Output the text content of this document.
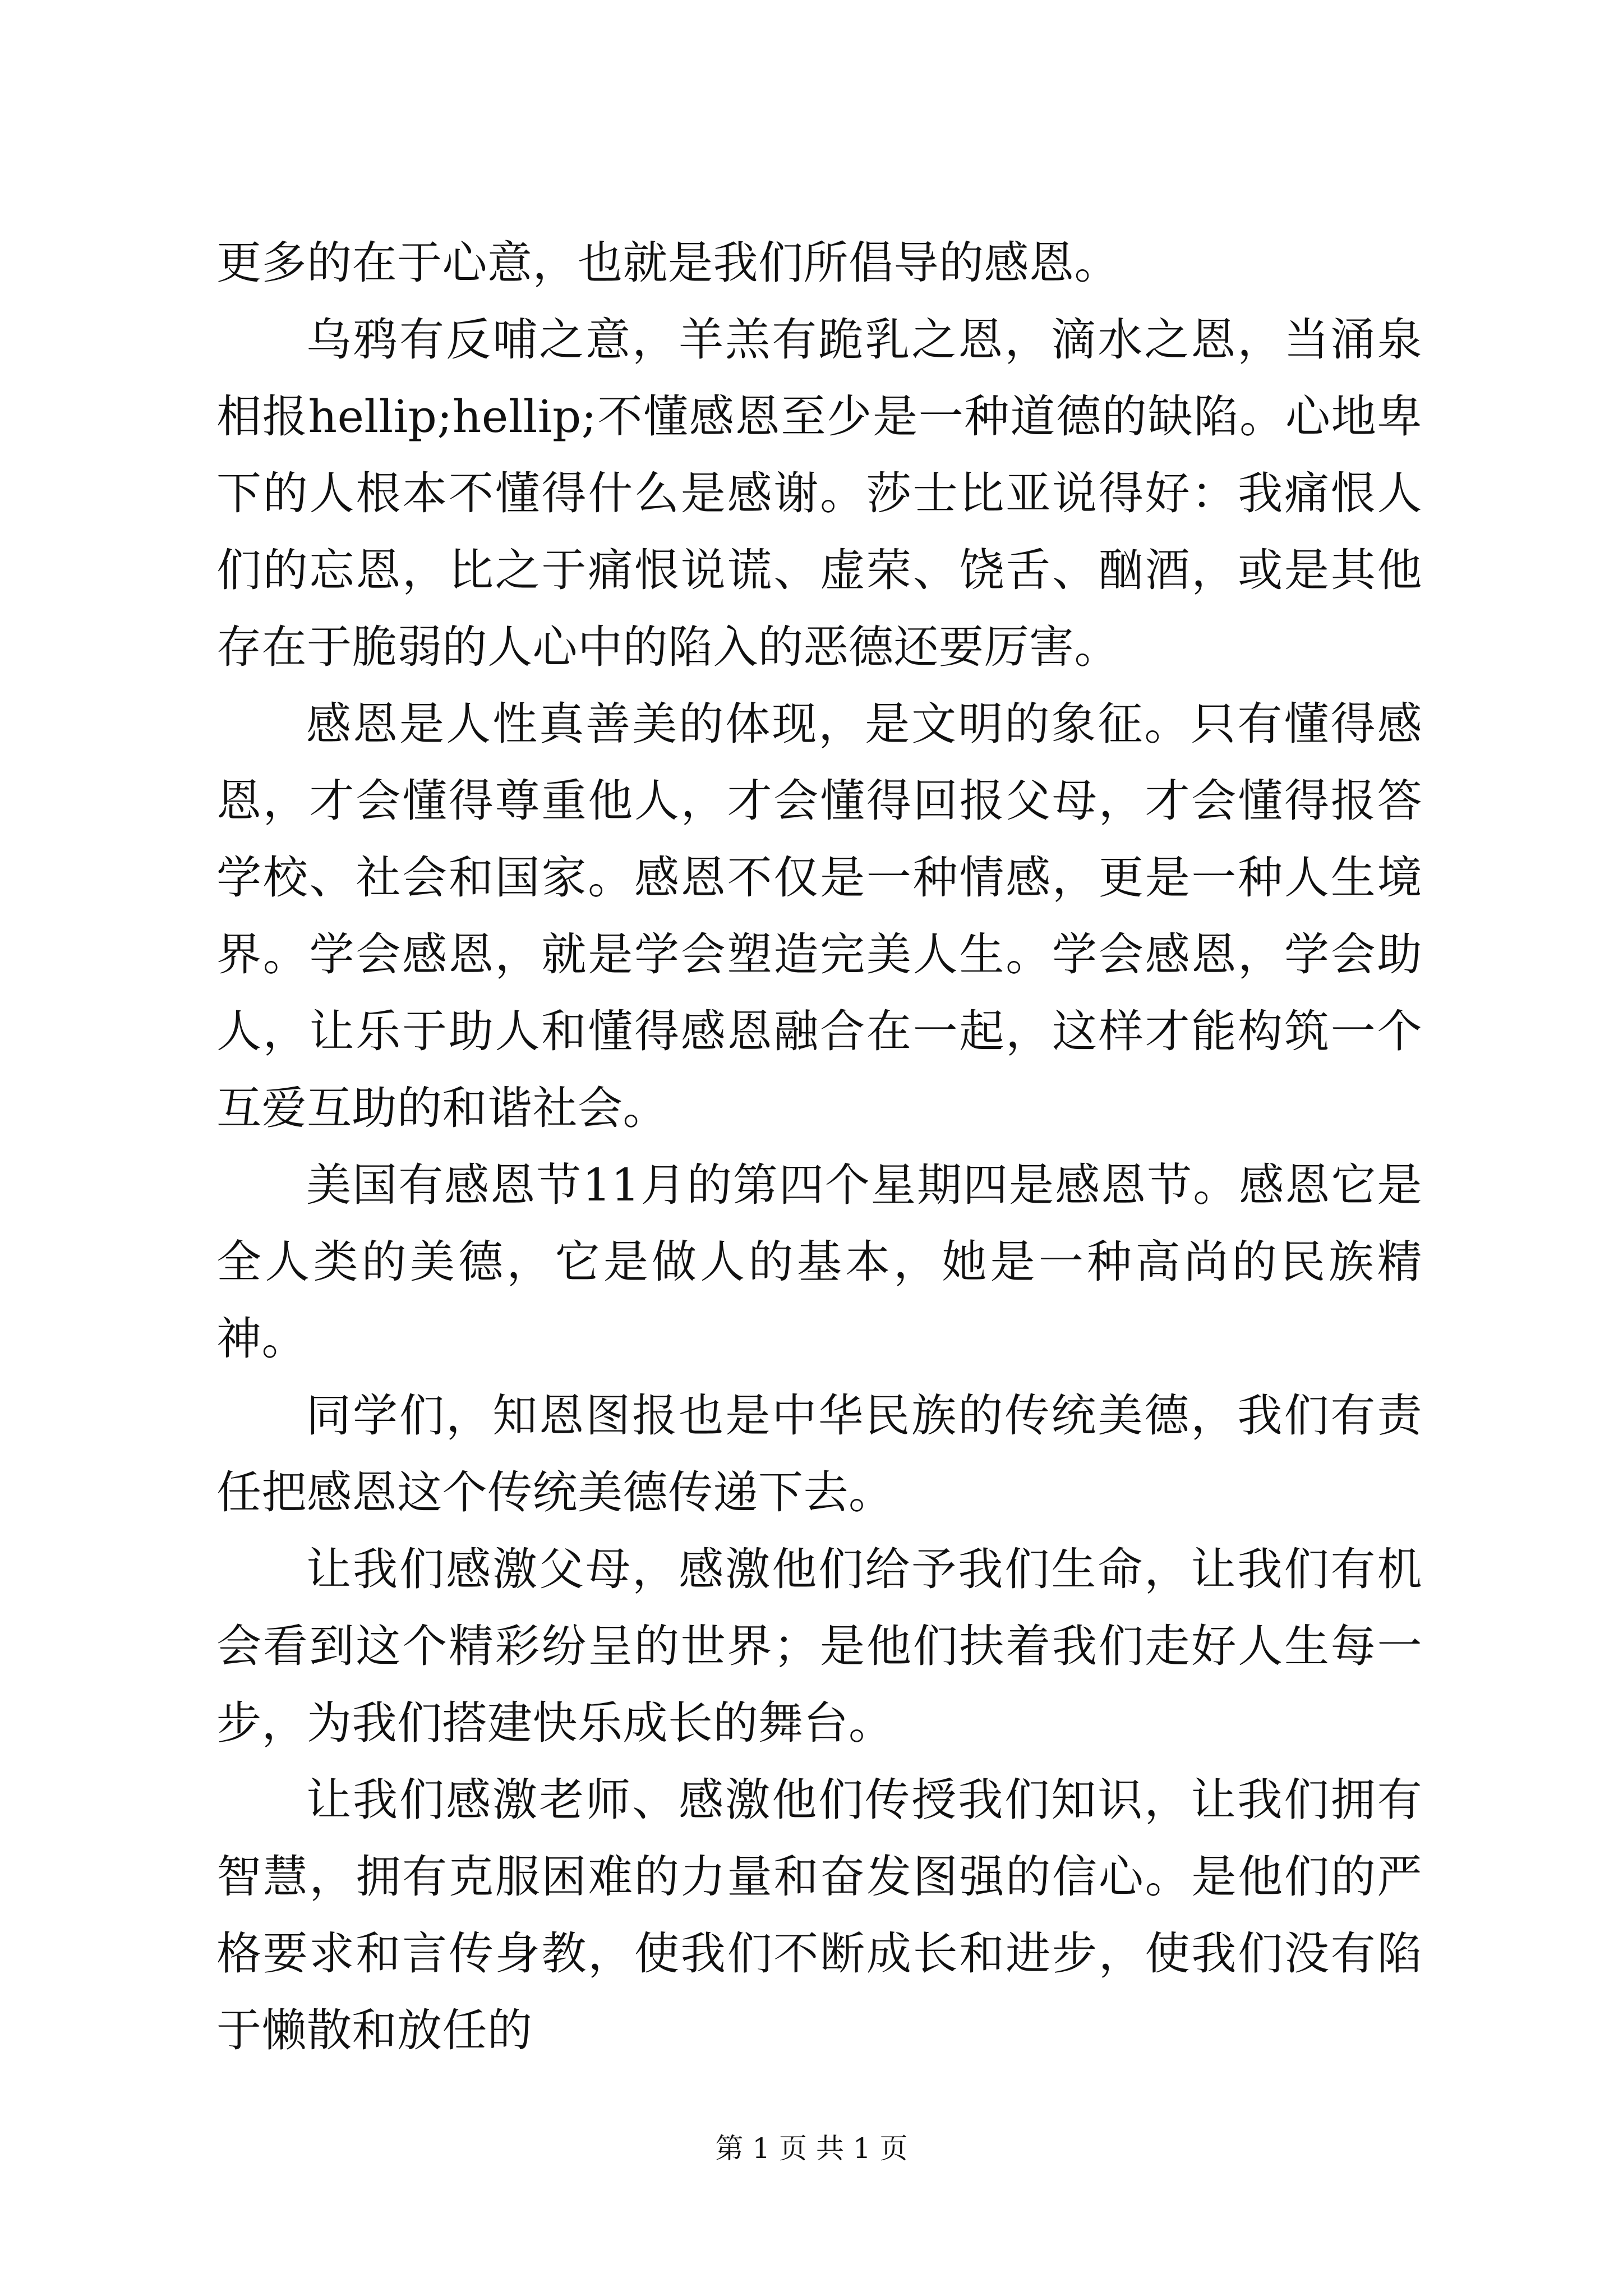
更多的在于心意，也就是我们所倡导的感恩。

乌鸦有反哺之意，羊羔有跪乳之恩，滴水之恩，当涌泉相报hellip;hellip;不懂感恩至少是一种道德的缺陷。心地卑下的人根本不懂得什么是感谢。莎士比亚说得好：我痛恨人们的忘恩，比之于痛恨说谎、虚荣、饶舌、酗酒，或是其他存在于脆弱的人心中的陷入的恶德还要厉害。

感恩是人性真善美的体现，是文明的象征。只有懂得感恩，才会懂得尊重他人，才会懂得回报父母，才会懂得报答学校、社会和国家。感恩不仅是一种情感，更是一种人生境界。学会感恩，就是学会塑造完美人生。学会感恩，学会助人，让乐于助人和懂得感恩融合在一起，这样才能构筑一个互爱互助的和谐社会。

美国有感恩节11月的第四个星期四是感恩节。感恩它是全人类的美德，它是做人的基本，她是一种高尚的民族精神。

同学们，知恩图报也是中华民族的传统美德，我们有责任把感恩这个传统美德传递下去。

让我们感激父母，感激他们给予我们生命，让我们有机会看到这个精彩纷呈的世界；是他们扶着我们走好人生每一步，为我们搭建快乐成长的舞台。

让我们感激老师、感激他们传授我们知识，让我们拥有智慧，拥有克服困难的力量和奋发图强的信心。是他们的严格要求和言传身教，使我们不断成长和进步，使我们没有陷于懒散和放任的

第 1 页 共 1 页
